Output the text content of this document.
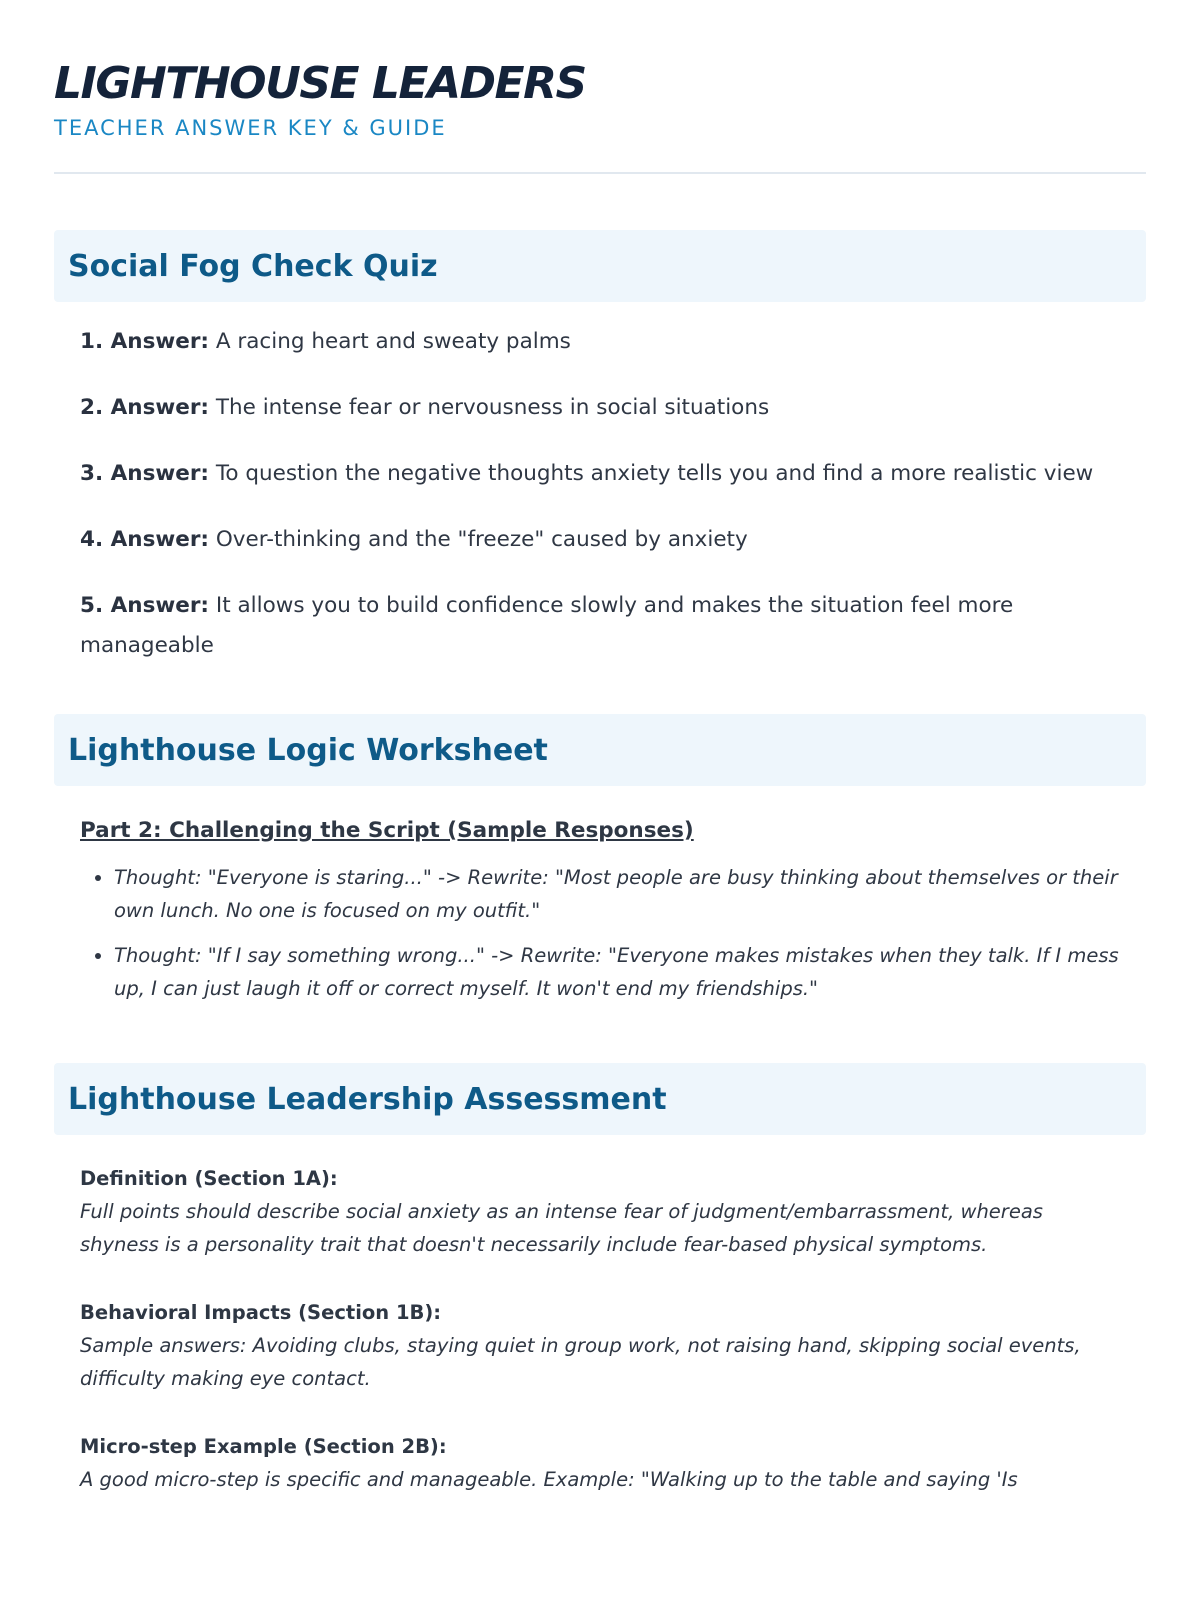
LIGHTHOUSE LEADERS
TEACHER ANSWER KEY & GUIDE
Social Fog Check Quiz
1. Answer: A racing heart and sweaty palms
2. Answer: The intense fear or nervousness in social situations
3. Answer: To question the negative thoughts anxiety tells you and find a more realistic view
4. Answer: Over-thinking and the "freeze" caused by anxiety
5. Answer: It allows you to build confidence slowly and makes the situation feel more manageable
Lighthouse Logic Worksheet
Part 2: Challenging the Script (Sample Responses)
• Thought: "Everyone is staring..." -> Rewrite: "Most people are busy thinking about themselves or their own lunch. No one is focused on my outfit."
• Thought: "If I say something wrong..." -> Rewrite: "Everyone makes mistakes when they talk. If I mess up, I can just laugh it off or correct myself. It won't end my friendships."
Lighthouse Leadership Assessment
Definition (Section 1A):
Full points should describe social anxiety as an intense fear of judgment/embarrassment, whereas shyness is a personality trait that doesn't necessarily include fear-based physical symptoms.
Behavioral Impacts (Section 1B):
Sample answers: Avoiding clubs, staying quiet in group work, not raising hand, skipping social events, difficulty making eye contact.
Micro-step Example (Section 2B):
A good micro-step is specific and manageable. Example: "Walking up to the table and saying 'Is
